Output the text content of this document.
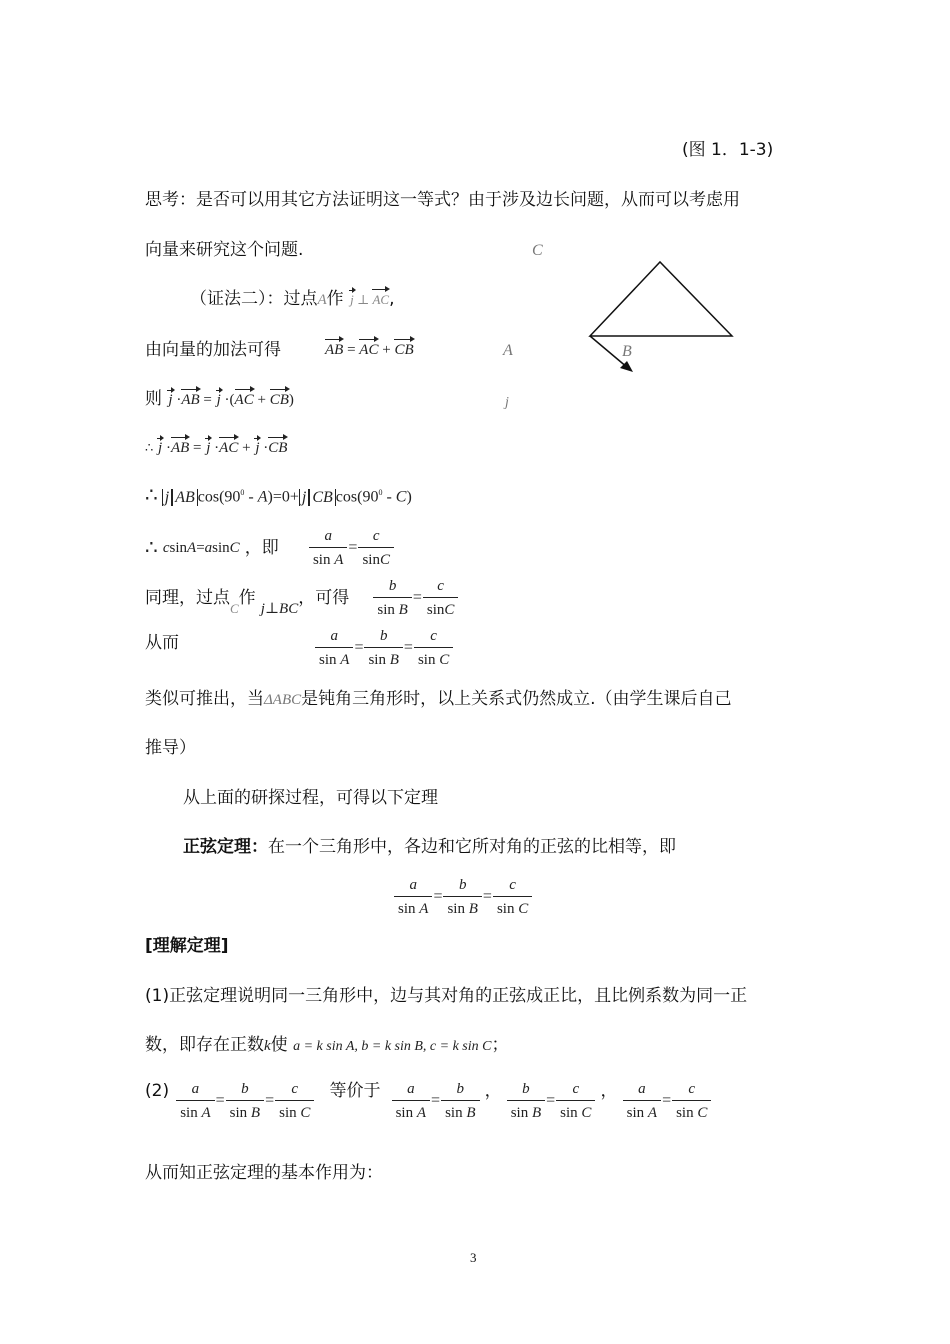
(图 1．1-3)
思考：是否可以用其它方法证明这一等式？由于涉及边长问题，从而可以考虑用
向量来研究这个问题.	C
A	B
j
（证法二）：过点A作 j ⊥ AC,
由向量的加法可得	AB = AC + CB
则 j ·AB = j ·(AC + CB)
∴ j ·AB = j ·AC + j ·CB
∴ j AB $\cos(90^0 - A)=0+ j$ CB $\cos(90^0 - C)$
∴ csinA=asinC ，即 $\frac{a}{\text{sin A}} = \frac{c}{\sin C}$
同理，过点C作 j⊥BC，可得 $\frac{b}{\text{sin B}} = \frac{c}{\sin C}$
从而	$\frac{a}{\text{sin A}} = \frac{b}{\text{sin B}} = \frac{c}{\text{sin C}}$
类似可推出，当ΔABC是钝角三角形时，以上关系式仍然成立.（由学生课后自己
推导）
从上面的研探过程，可得以下定理
正弦定理：在一个三角形中，各边和它所对角的正弦的比相等，即
$\frac{a}{\text{sin A}} = \frac{b}{\text{sin B}} = \frac{c}{\text{sin C}}$
[理解定理]
(1)正弦定理说明同一三角形中，边与其对角的正弦成正比，且比例系数为同一正
数，即存在正数k使 a = k sin A, b = k sin B, c = k sin C；
$(2) \frac{a}{\text{sin A}} = \frac{b}{\text{sin B}} = \frac{c}{\text{sin C}}$ 等价于 $\frac{a}{\text{sin A}} = \frac{b}{\text{sin B}}$ ， $\frac{b}{\text{sin B}} = \frac{c}{\text{sin C}}$ ， $\frac{a}{\text{sin A}} = \frac{c}{\text{sin C}}$
从而知正弦定理的基本作用为：
3
